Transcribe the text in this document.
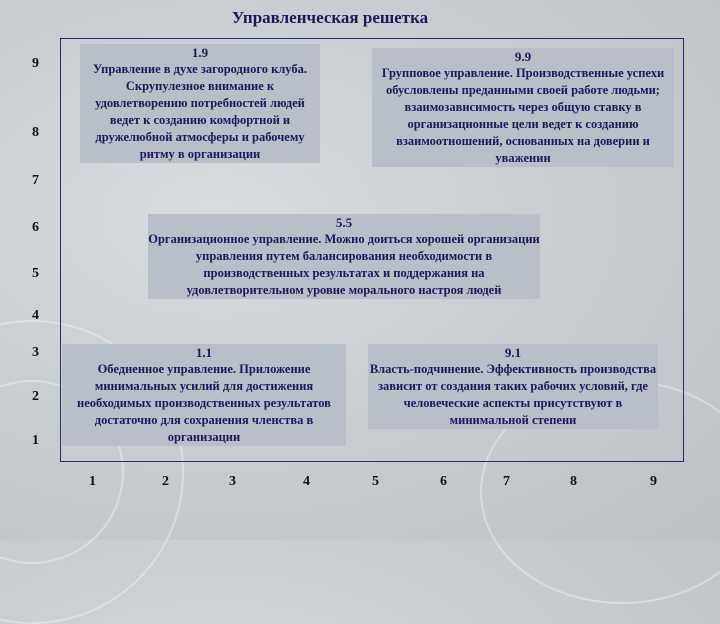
Управленческая решетка
9
8
7
6
5
4
3
2
1
1	2	3	4	5	6	7	8	9
1.9
Управление в духе загородного клуба. Скрупулезное внимание к удовлетворению потребностей людей ведет к созданию комфортной и дружелюбной атмосферы и рабочему ритму в организации
9.9
Групповое управление. Производственные успехи обусловлены преданными своей работе людьми; взаимозависимость через общую ставку в организационные цели ведет к созданию взаимоотношений, основанных на доверии и уважении
5.5
Организационное управление. Можно доиться хорошей организации управления путем балансирования необходимости в производственных результатах и поддержания на удовлетворительном уровне морального настроя людей
1.1
Обедненное управление. Приложение минимальных усилий для достижения необходимых производственных результатов достаточно для сохранения членства в организации
9.1
Власть-подчинение. Эффективность производства зависит от создания таких рабочих условий, где человеческие аспекты присутствуют в минимальной степени
